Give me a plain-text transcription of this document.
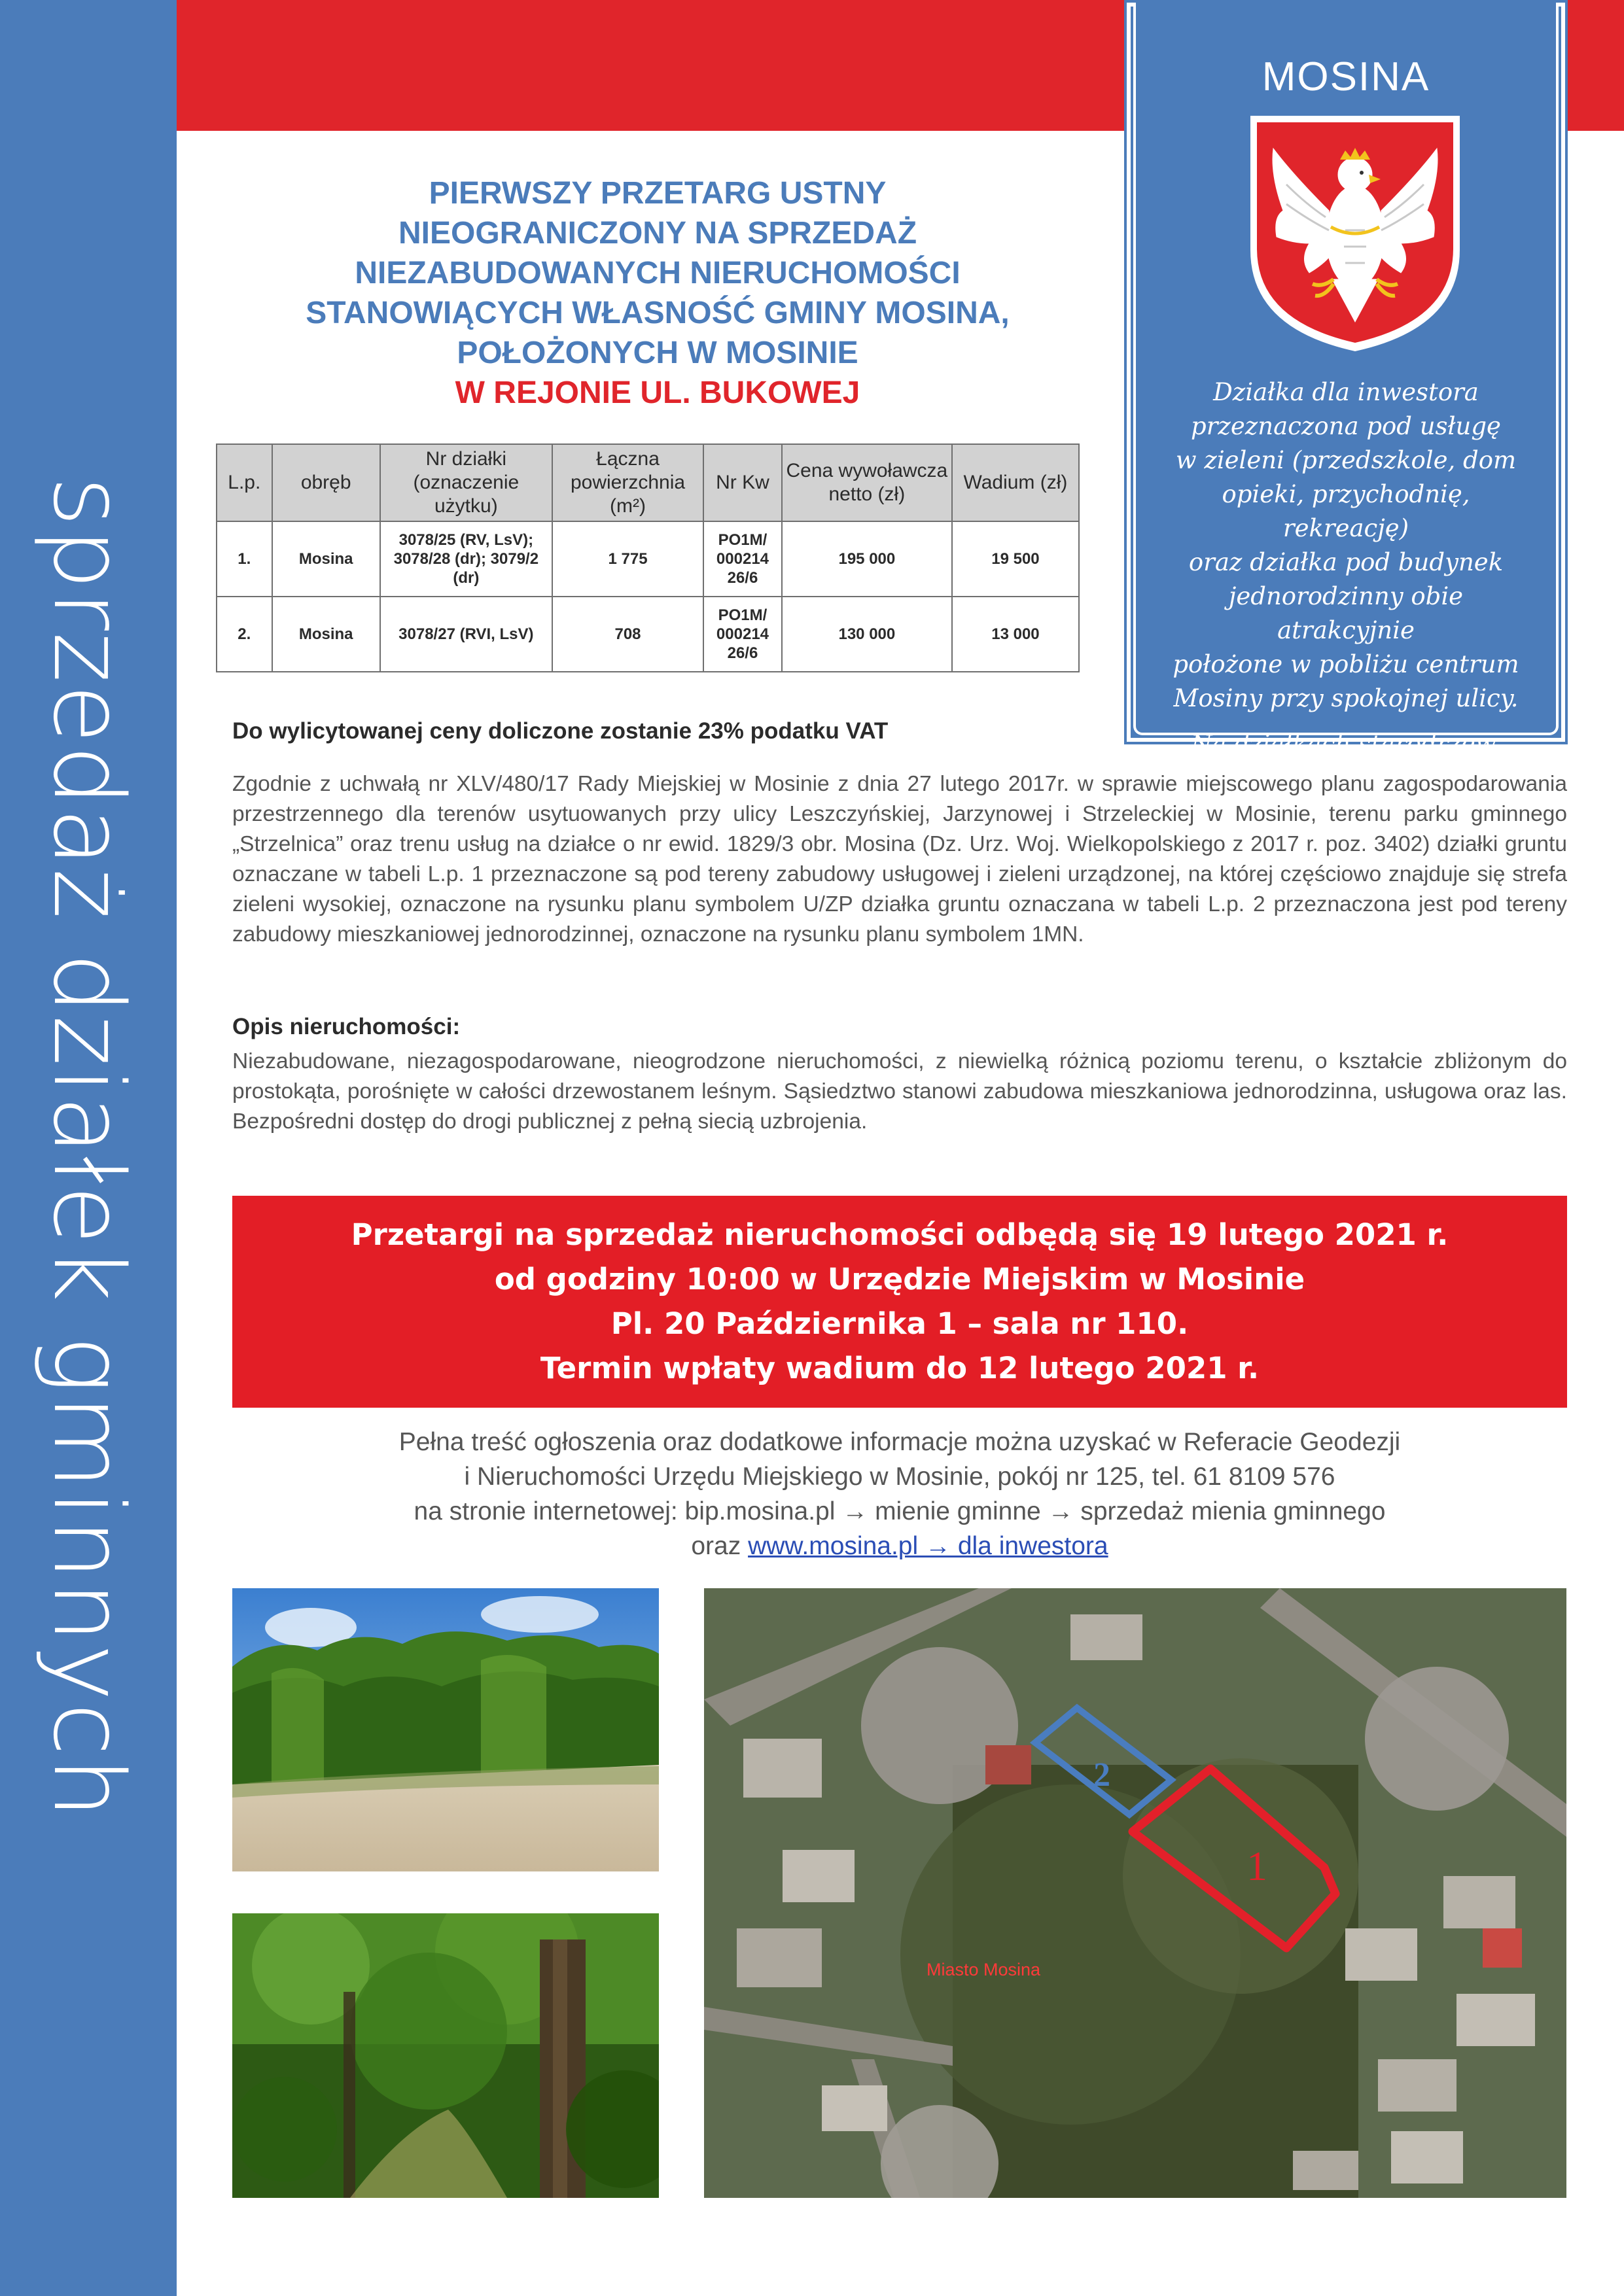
sprzedaż działek gminnych
MOSINA
Działka dla inwestora
przeznaczona pod usługę
w zieleni (przedszkole, dom
opieki, przychodnię, rekreację)
oraz działka pod budynek
jednorodzinny obie atrakcyjnie
położone w pobliżu centrum
Mosiny przy spokojnej ulicy.
Na działkach starodrzew.
PIERWSZY PRZETARG USTNY
NIEOGRANICZONY NA SPRZEDAŻ
NIEZABUDOWANYCH NIERUCHOMOŚCI
STANOWIĄCYCH WŁASNOŚĆ GMINY MOSINA,
POŁOŻONYCH W MOSINIE
W REJONIE UL. BUKOWEJ
L.p.	obręb	Nr działki (oznaczenie użytku)	Łączna powierzchnia (m²)	Nr Kw	Cena wywoławcza netto (zł)	Wadium (zł)
1.	Mosina	3078/25 (RV, LsV); 3078/28 (dr); 3079/2 (dr)	1 775	PO1M/ 000214 26/6	195 000	19 500
2.	Mosina	3078/27 (RVI, LsV)	708	PO1M/ 000214 26/6	130 000	13 000
Do wylicytowanej ceny doliczone zostanie 23% podatku VAT
Zgodnie z uchwałą nr XLV/480/17 Rady Miejskiej w Mosinie z dnia 27 lutego 2017r. w sprawie miejscowego planu zagospodarowania przestrzennego dla terenów usytuowanych przy ulicy Leszczyńskiej, Jarzynowej i Strzeleckiej w Mosinie, terenu parku gminnego „Strzelnica” oraz trenu usług na działce o nr ewid. 1829/3 obr. Mosina (Dz. Urz. Woj. Wielkopolskiego z 2017 r. poz. 3402) działki gruntu oznaczane w tabeli L.p. 1 przeznaczone są pod tereny zabudowy usługowej i zieleni urządzonej, na której częściowo znajduje się strefa zieleni wysokiej, oznaczone na rysunku planu symbolem U/ZP działka gruntu oznaczana w tabeli L.p. 2 przeznaczona jest pod tereny zabudowy mieszkaniowej jednorodzinnej, oznaczone na rysunku planu symbolem 1MN.
Opis nieruchomości:
Niezabudowane, niezagospodarowane, nieogrodzone nieruchomości, z niewielką różnicą poziomu terenu, o kształcie zbliżonym do prostokąta, porośnięte w całości drzewostanem leśnym. Sąsiedztwo stanowi zabudowa mieszkaniowa jednorodzinna, usługowa oraz las. Bezpośredni dostęp do drogi publicznej z pełną siecią uzbrojenia.
Przetargi na sprzedaż nieruchomości odbędą się 19 lutego 2021 r.
od godziny 10:00 w Urzędzie Miejskim w Mosinie
Pl. 20 Października 1 – sala nr 110.
Termin wpłaty wadium do 12 lutego 2021 r.
Pełna treść ogłoszenia oraz dodatkowe informacje można uzyskać w Referacie Geodezji
i Nieruchomości Urzędu Miejskiego w Mosinie, pokój nr 125, tel. 61 8109 576
na stronie internetowej: bip.mosina.pl → mienie gminne → sprzedaż mienia gminnego
oraz www.mosina.pl → dla inwestora
2
1
Miasto Mosina
